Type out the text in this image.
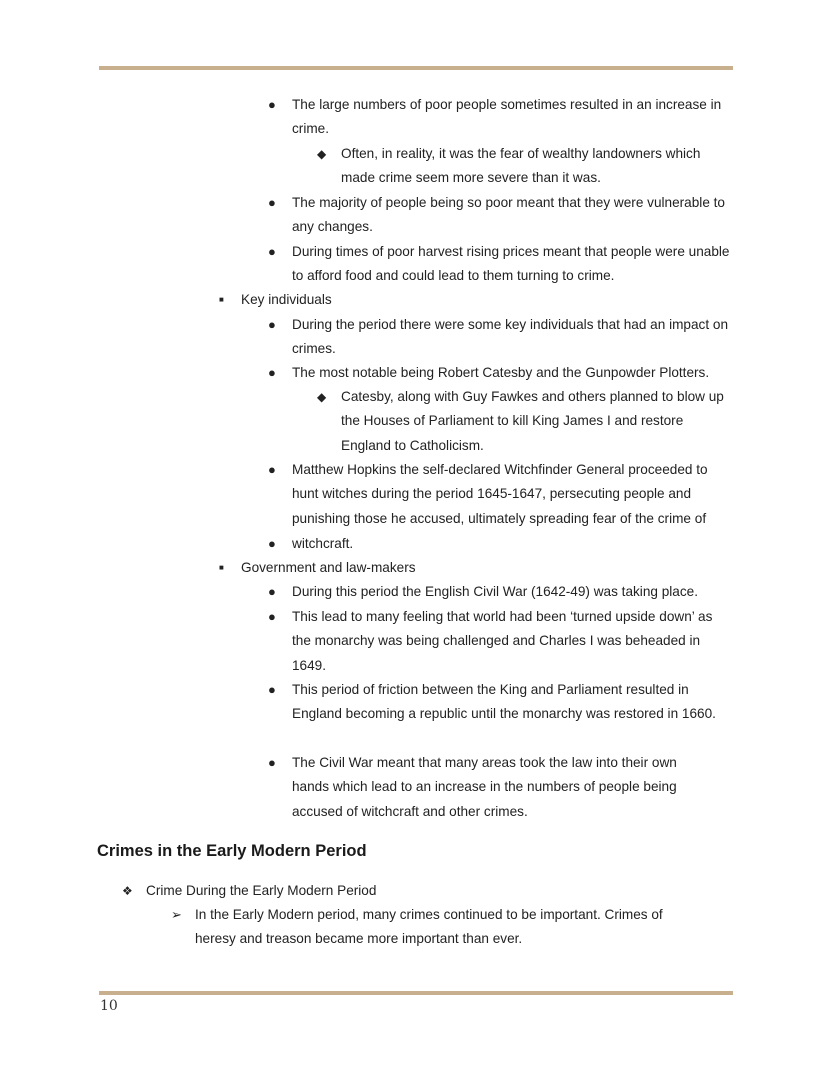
● The large numbers of poor people sometimes resulted in an increase in crime.
◆ Often, in reality, it was the fear of wealthy landowners which made crime seem more severe than it was.
● The majority of people being so poor meant that they were vulnerable to any changes.
● During times of poor harvest rising prices meant that people were unable to afford food and could lead to them turning to crime.
■ Key individuals
● During the period there were some key individuals that had an impact on crimes.
● The most notable being Robert Catesby and the Gunpowder Plotters.
◆ Catesby, along with Guy Fawkes and others planned to blow up the Houses of Parliament to kill King James I and restore England to Catholicism.
● Matthew Hopkins the self-declared Witchfinder General proceeded to hunt witches during the period 1645-1647, persecuting people and punishing those he accused, ultimately spreading fear of the crime of
● witchcraft.
■ Government and law-makers
● During this period the English Civil War (1642-49) was taking place.
● This lead to many feeling that world had been ‘turned upside down’ as the monarchy was being challenged and Charles I was beheaded in 1649.
● This period of friction between the King and Parliament resulted in England becoming a republic until the monarchy was restored in 1660.
● The Civil War meant that many areas took the law into their own hands which lead to an increase in the numbers of people being accused of witchcraft and other crimes.
Crimes in the Early Modern Period
❖ Crime During the Early Modern Period
➢ In the Early Modern period, many crimes continued to be important. Crimes of heresy and treason became more important than ever.
10
